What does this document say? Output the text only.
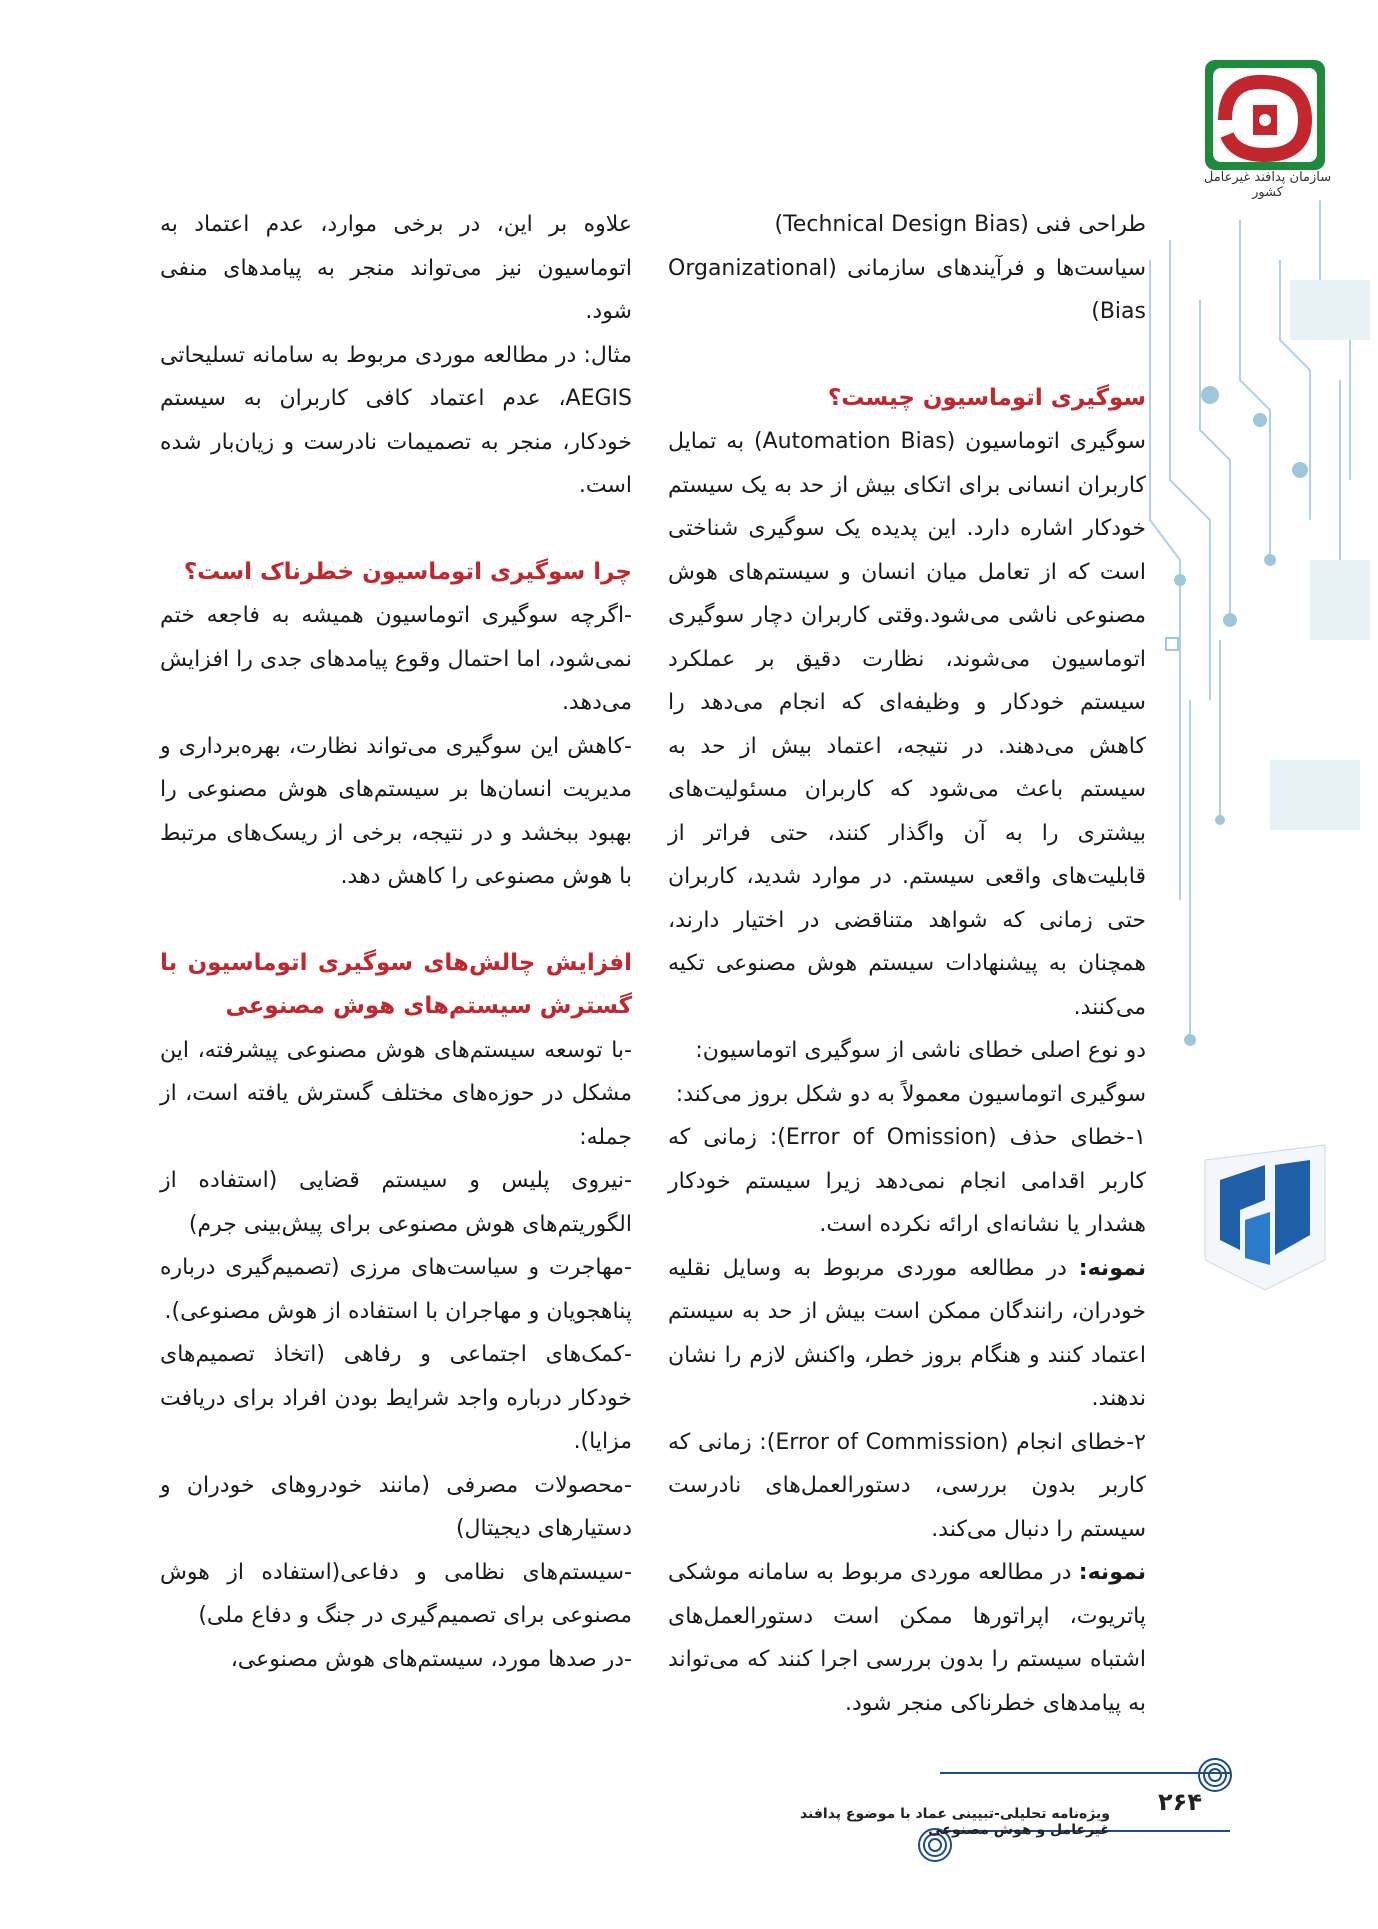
سازمان پدافند غیرعامل کشور

طراحی فنی (Technical Design Bias)

سیاست‌ها و فرآیندهای سازمانی (Organizational Bias)

سوگیری اتوماسیون چیست؟

سوگیری اتوماسیون (Automation Bias) به تمایل کاربران انسانی برای اتکای بیش از حد به یک سیستم خودکار اشاره دارد. این پدیده یک سوگیری شناختی است که از تعامل میان انسان و سیستم‌های هوش مصنوعی ناشی می‌شود.وقتی کاربران دچار سوگیری اتوماسیون می‌شوند، نظارت دقیق بر عملکرد سیستم خودکار و وظیفه‌ای که انجام می‌دهد را کاهش می‌دهند. در نتیجه، اعتماد بیش از حد به سیستم باعث می‌شود که کاربران مسئولیت‌های بیشتری را به آن واگذار کنند، حتی فراتر از قابلیت‌های واقعی سیستم. در موارد شدید، کاربران حتی زمانی که شواهد متناقضی در اختیار دارند، همچنان به پیشنهادات سیستم هوش مصنوعی تکیه می‌کنند.

دو نوع اصلی خطای ناشی از سوگیری اتوماسیون:

سوگیری اتوماسیون معمولاً به دو شکل بروز می‌کند:

۱-خطای حذف (Error of Omission): زمانی که کاربر اقدامی انجام نمی‌دهد زیرا سیستم خودکار هشدار یا نشانه‌ای ارائه نکرده است.

نمونه: در مطالعه موردی مربوط به وسایل نقلیه خودران، رانندگان ممکن است بیش از حد به سیستم اعتماد کنند و هنگام بروز خطر، واکنش لازم را نشان ندهند.

۲-خطای انجام (Error of Commission): زمانی که کاربر بدون بررسی، دستورالعمل‌های نادرست سیستم را دنبال می‌کند.

نمونه: در مطالعه موردی مربوط به سامانه موشکی پاتریوت، اپراتورها ممکن است دستورالعمل‌های اشتباه سیستم را بدون بررسی اجرا کنند که می‌تواند به پیامدهای خطرناکی منجر شود.

علاوه بر این، در برخی موارد، عدم اعتماد به اتوماسیون نیز می‌تواند منجر به پیامدهای منفی شود.

مثال: در مطالعه موردی مربوط به سامانه تسلیحاتی AEGIS، عدم اعتماد کافی کاربران به سیستم خودکار، منجر به تصمیمات نادرست و زیان‌بار شده است.

چرا سوگیری اتوماسیون خطرناک است؟

-اگرچه سوگیری اتوماسیون همیشه به فاجعه ختم نمی‌شود، اما احتمال وقوع پیامدهای جدی را افزایش می‌دهد.

-کاهش این سوگیری می‌تواند نظارت، بهره‌برداری و مدیریت انسان‌ها بر سیستم‌های هوش مصنوعی را بهبود ببخشد و در نتیجه، برخی از ریسک‌های مرتبط با هوش مصنوعی را کاهش دهد.

افزایش چالش‌های سوگیری اتوماسیون با گسترش سیستم‌های هوش مصنوعی

-با توسعه سیستم‌های هوش مصنوعی پیشرفته، این مشکل در حوزه‌های مختلف گسترش یافته است، از جمله:

-نیروی پلیس و سیستم قضایی (استفاده از الگوریتم‌های هوش مصنوعی برای پیش‌بینی جرم)

-مهاجرت و سیاست‌های مرزی (تصمیم‌گیری درباره پناهجویان و مهاجران با استفاده از هوش مصنوعی).

-کمک‌های اجتماعی و رفاهی (اتخاذ تصمیم‌های خودکار درباره واجد شرایط بودن افراد برای دریافت مزایا).

-محصولات مصرفی (مانند خودروهای خودران و دستیارهای دیجیتال)

-سیستم‌های نظامی و دفاعی(استفاده از هوش مصنوعی برای تصمیم‌گیری در جنگ و دفاع ملی)

-در صدها مورد، سیستم‌های هوش مصنوعی،

۲۶۴
ویژه‌نامه تحلیلی-تبیینی عماد با موضوع پدافند غیرعامل و هوش مصنوعی
